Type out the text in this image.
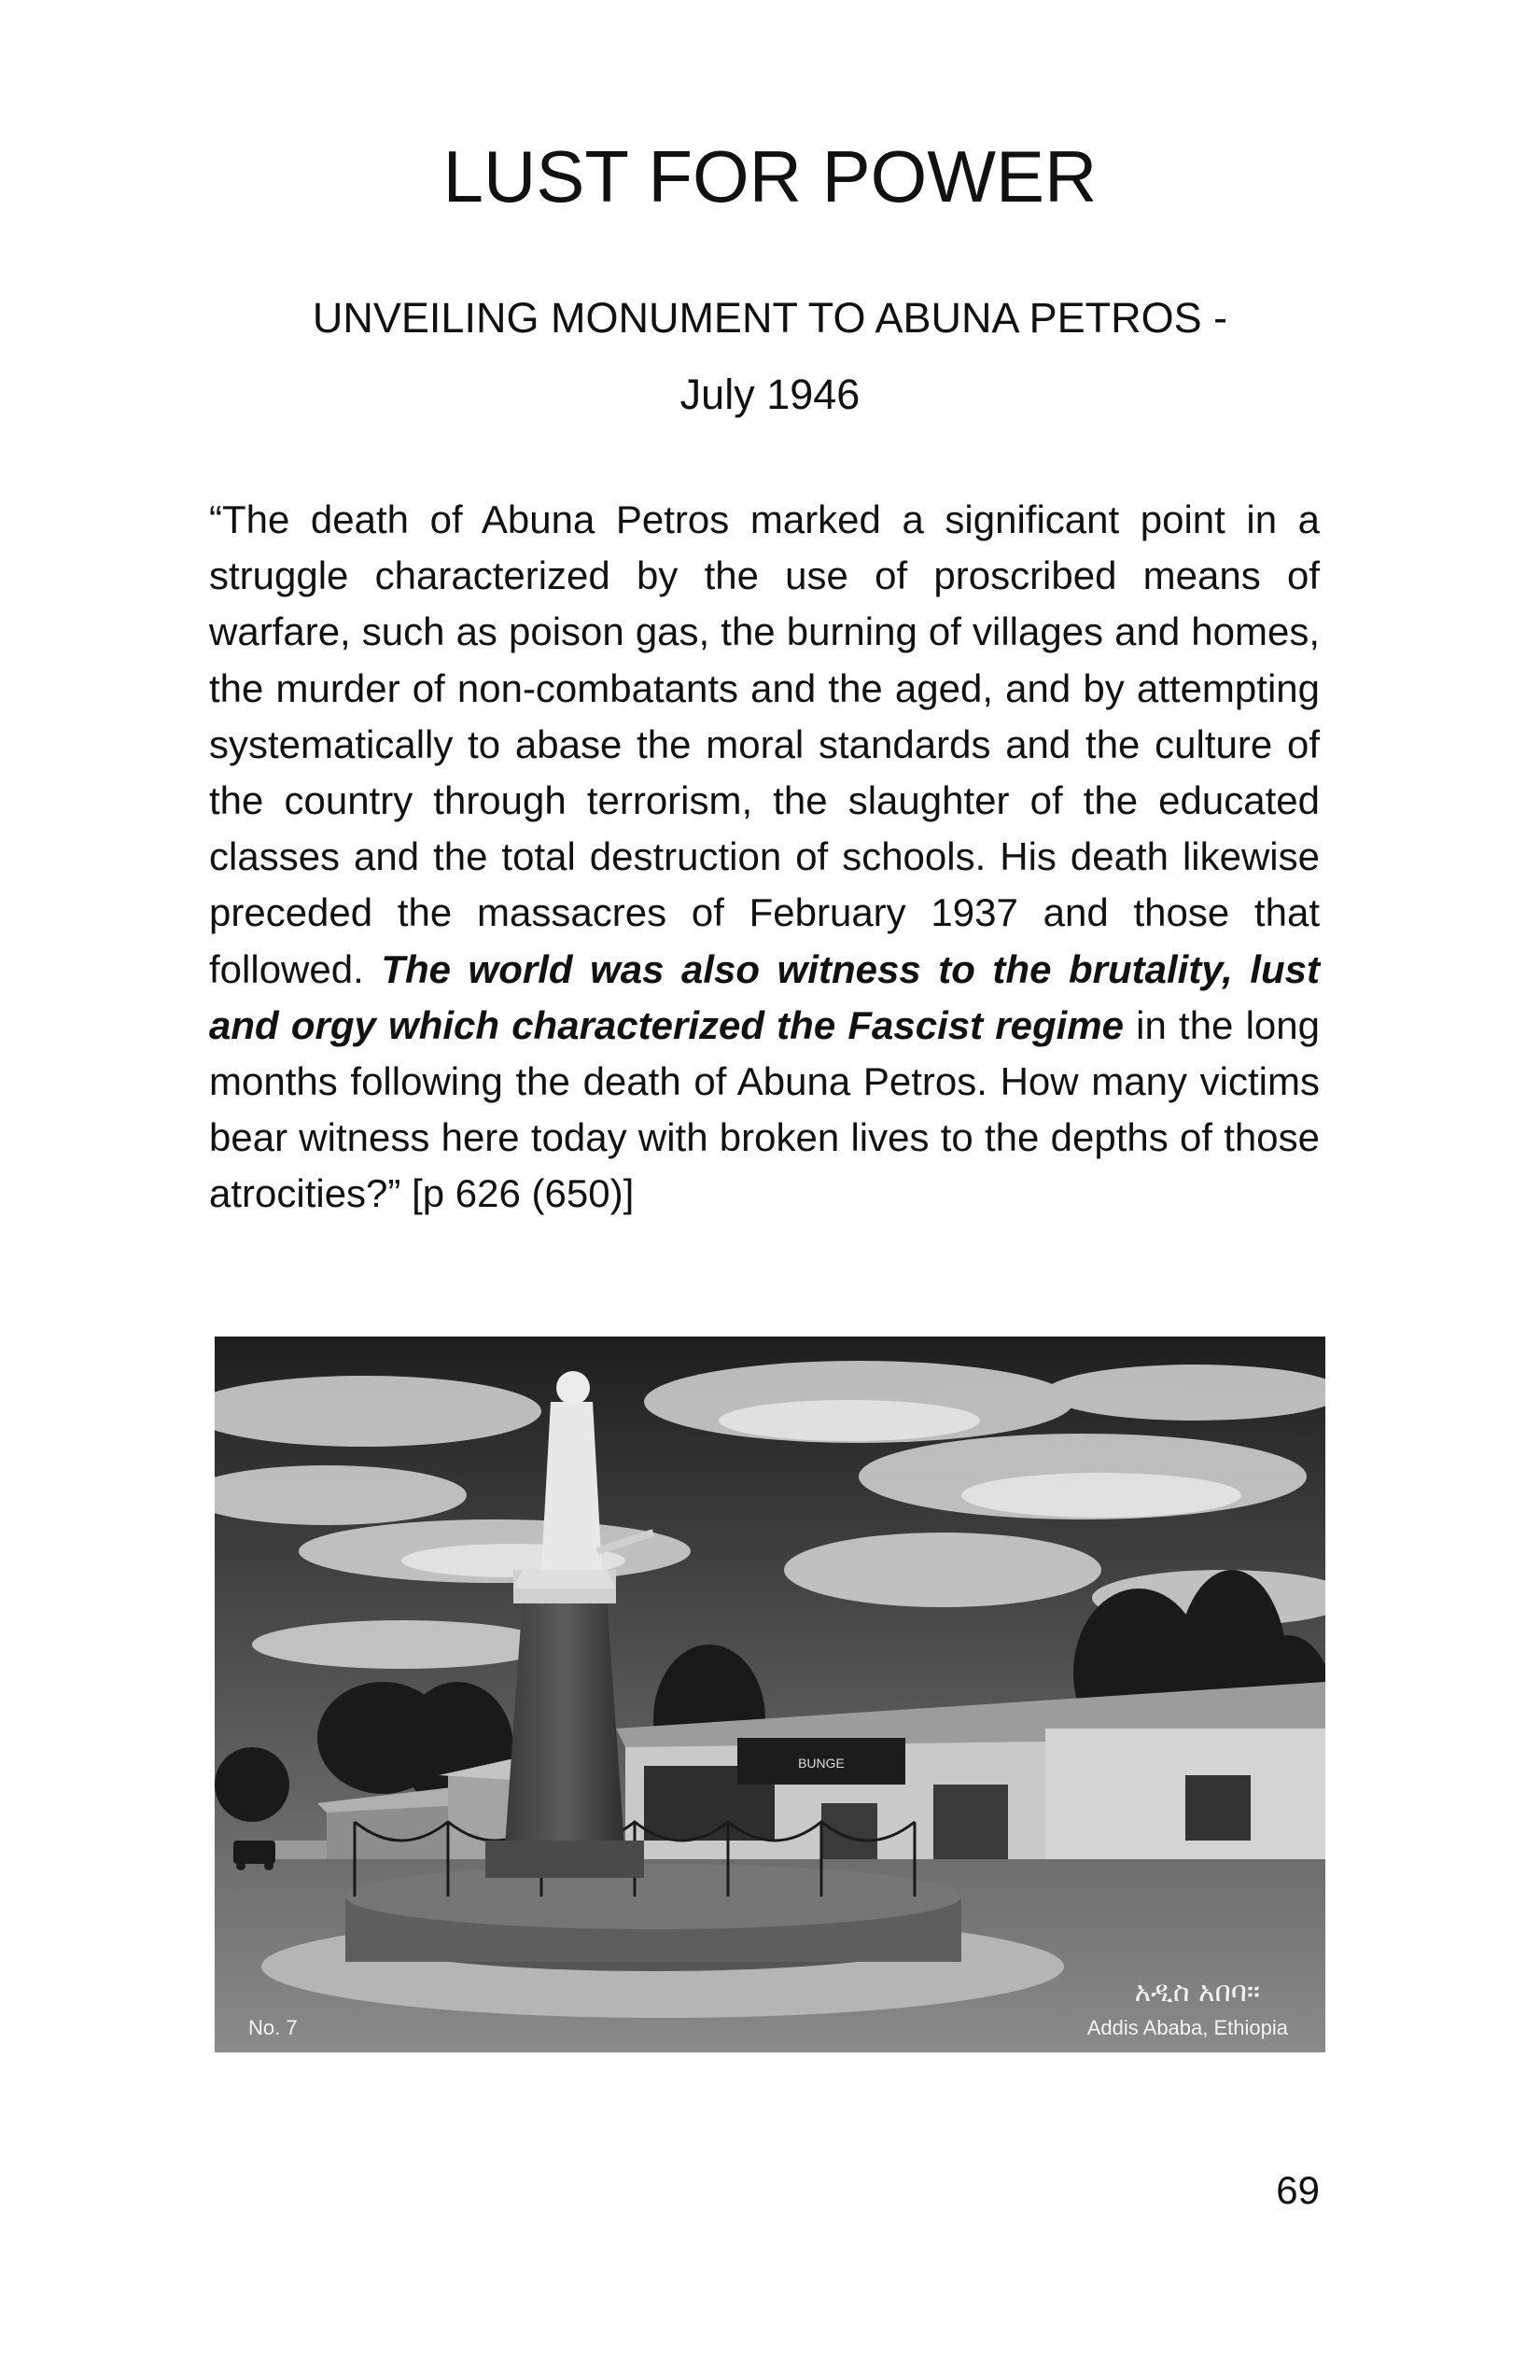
LUST FOR POWER
UNVEILING MONUMENT TO ABUNA PETROS -
July 1946
“The death of Abuna Petros marked a significant point in a struggle characterized by the use of proscribed means of warfare, such as poison gas, the burning of villages and homes, the murder of non-combatants and the aged, and by attempting systematically to abase the moral standards and the culture of the country through terrorism, the slaughter of the educated classes and the total destruction of schools. His death likewise preceded the massacres of February 1937 and those that followed. The world was also witness to the brutality, lust and orgy which characterized the Fascist regime in the long months following the death of Abuna Petros. How many victims bear witness here today with broken lives to the depths of those atrocities?” [p 626 (650)]
BUNGE
No. 7
አዲስ አበባ።
Addis Ababa, Ethiopia
69
